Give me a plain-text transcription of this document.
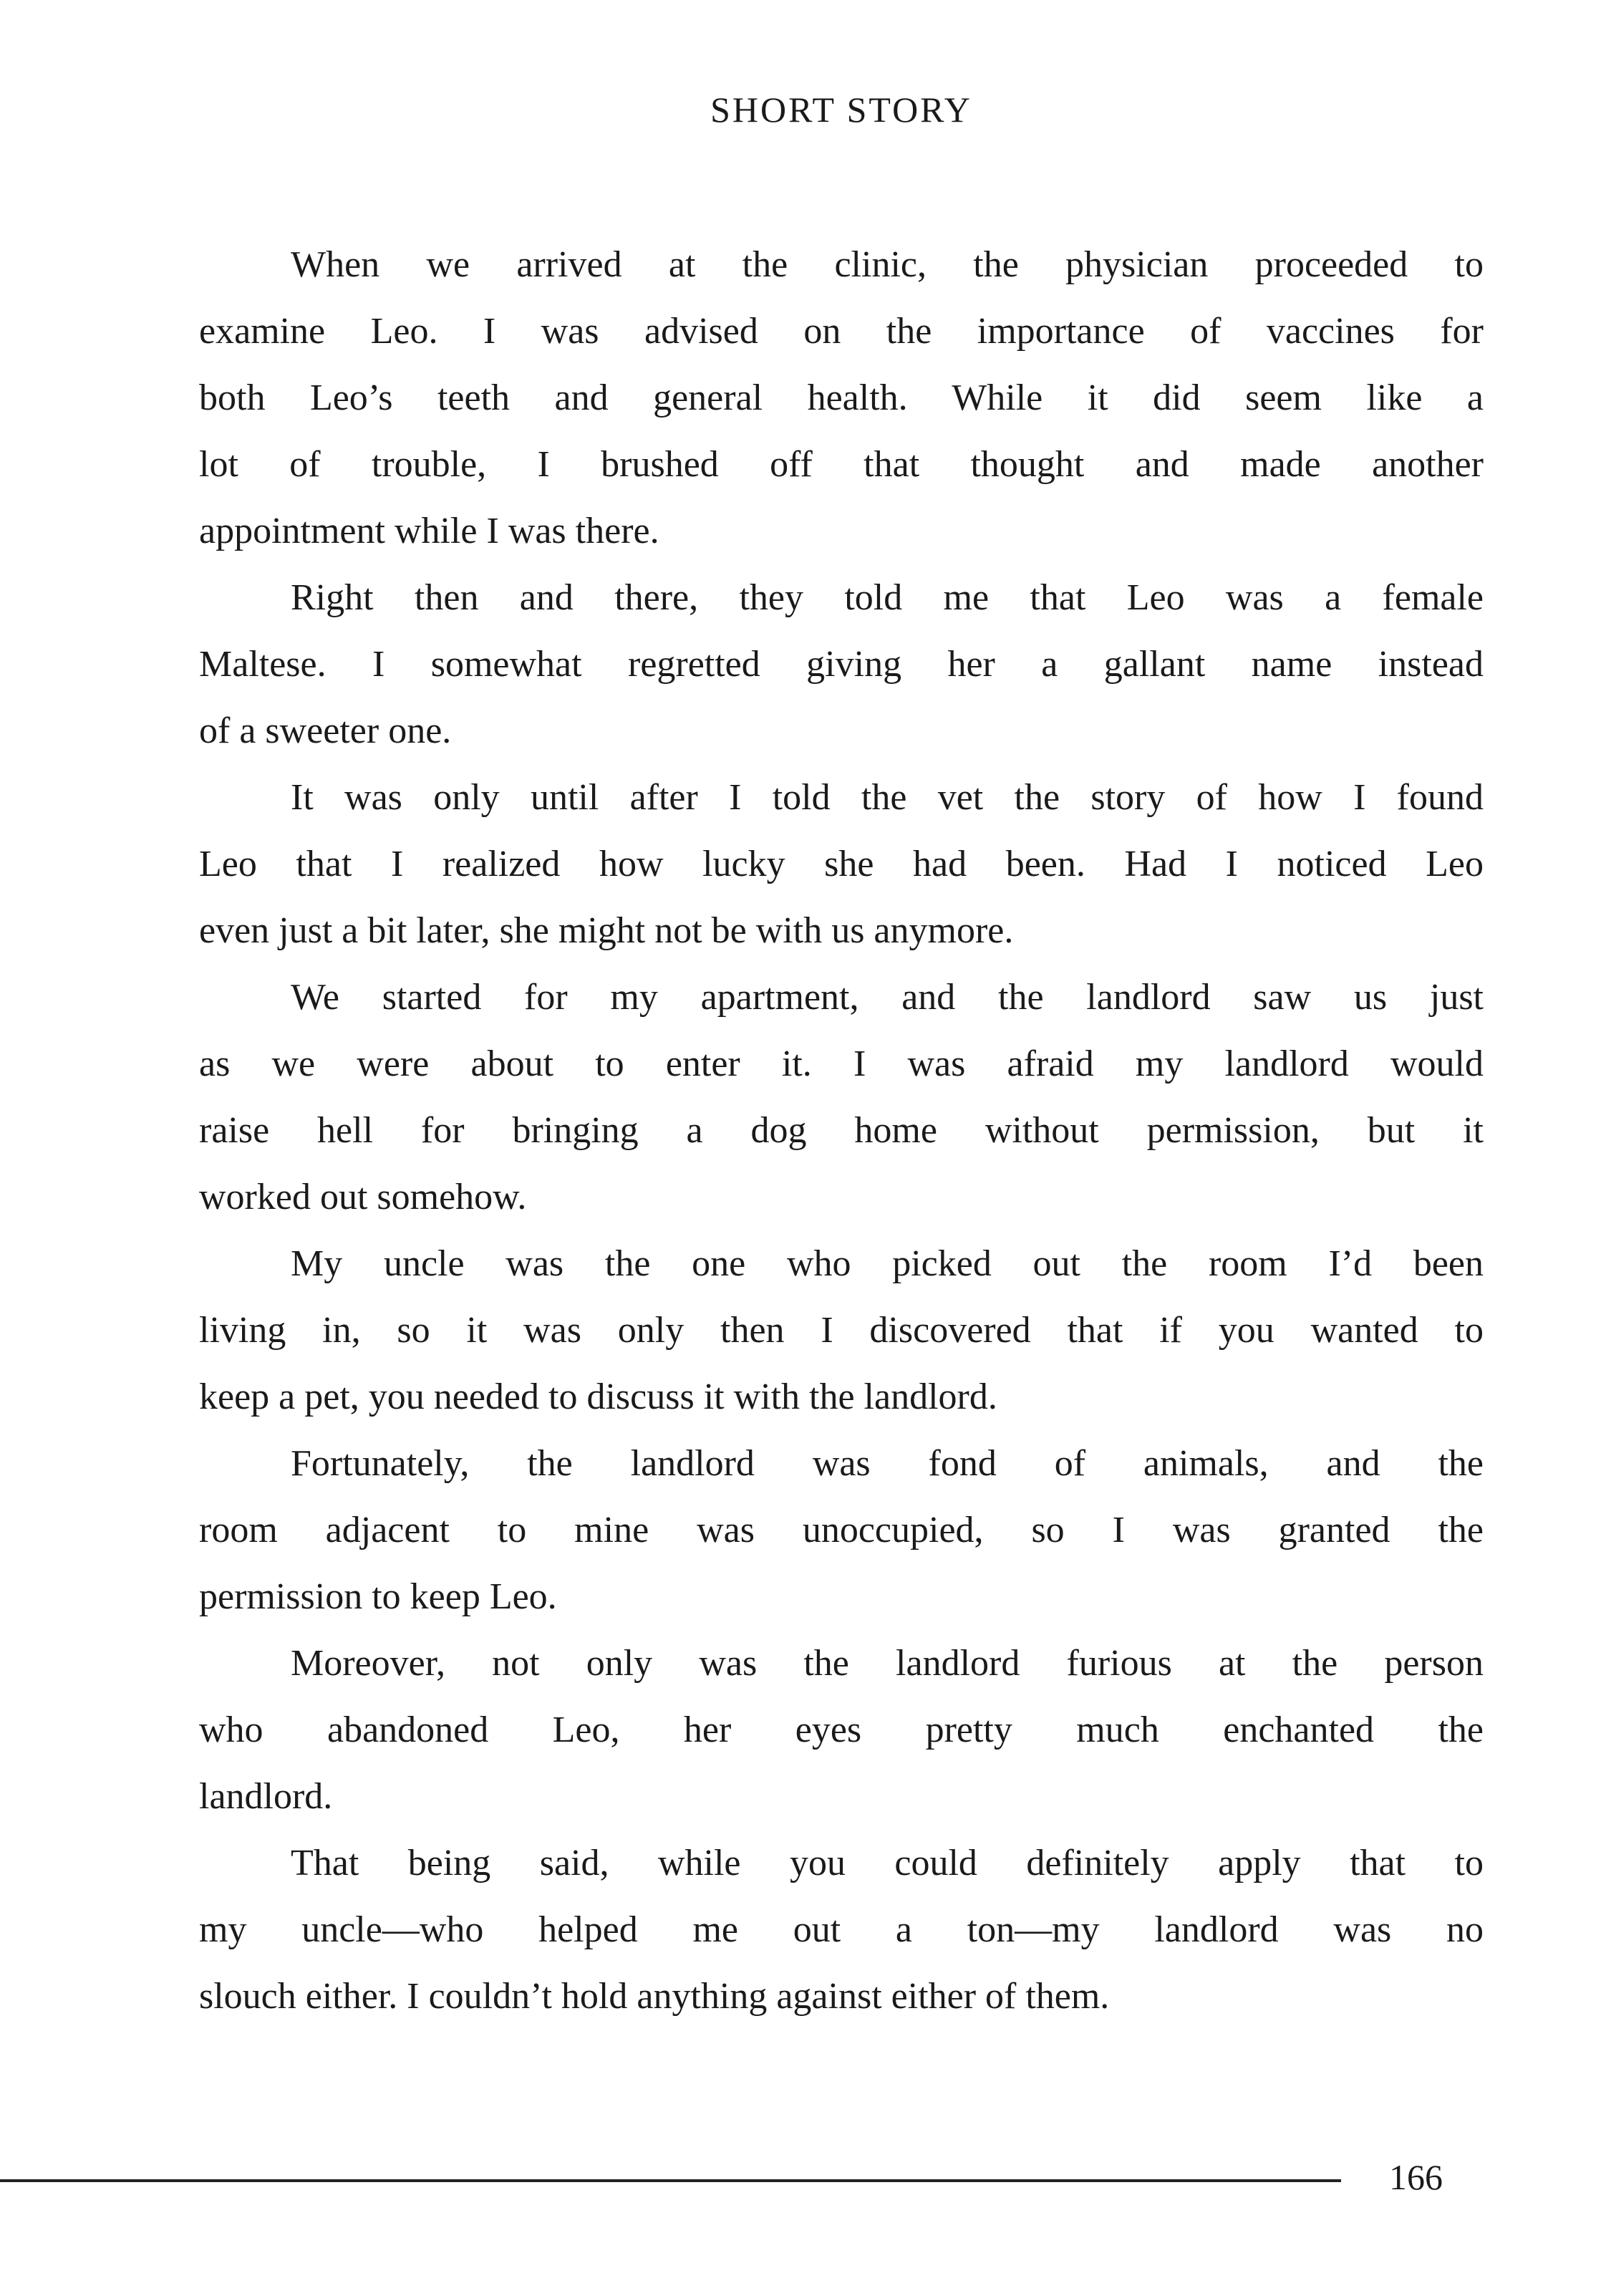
SHORT STORY
When we arrived at the clinic, the physician proceeded to
examine Leo. I was advised on the importance of vaccines for
both Leo’s teeth and general health. While it did seem like a
lot of trouble, I brushed off that thought and made another
appointment while I was there.
Right then and there, they told me that Leo was a female
Maltese. I somewhat regretted giving her a gallant name instead
of a sweeter one.
It was only until after I told the vet the story of how I found
Leo that I realized how lucky she had been. Had I noticed Leo
even just a bit later, she might not be with us anymore.
We started for my apartment, and the landlord saw us just
as we were about to enter it. I was afraid my landlord would
raise hell for bringing a dog home without permission, but it
worked out somehow.
My uncle was the one who picked out the room I’d been
living in, so it was only then I discovered that if you wanted to
keep a pet, you needed to discuss it with the landlord.
Fortunately, the landlord was fond of animals, and the
room adjacent to mine was unoccupied, so I was granted the
permission to keep Leo.
Moreover, not only was the landlord furious at the person
who abandoned Leo, her eyes pretty much enchanted the
landlord.
That being said, while you could definitely apply that to
my uncle—who helped me out a ton—my landlord was no
slouch either. I couldn’t hold anything against either of them.
166
